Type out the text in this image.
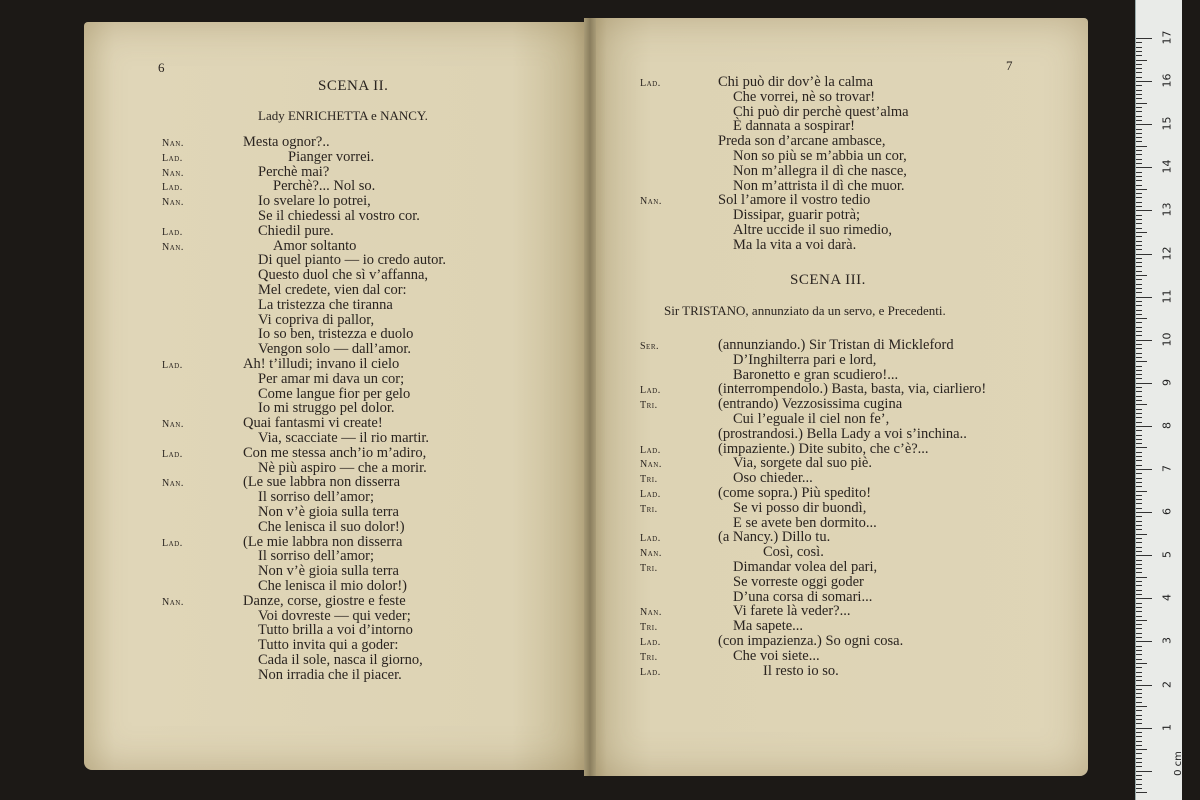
6
SCENA II.
Lady ENRICHETTA e NANCY.
7
SCENA III.
Sir TRISTANO, annunziato da un servo, e Precedenti.
17
16
15
14
13
12
11
10
9
8
7
6
5
4
3
2
1
0 cm
Nan.	Mesta ognor?..
Lad.	Pianger vorrei.
Nan.	Perchè mai?
Lad.	Perchè?... Nol so.
Nan.	Io svelare lo potrei,
Se il chiedessi al vostro cor.
Lad.	Chiedil pure.
Nan.	Amor soltanto
Di quel pianto — io credo autor.
Questo duol che sì v’affanna,
Mel credete, vien dal cor:
La tristezza che tiranna
Vi copriva di pallor,
Io so ben, tristezza e duolo
Vengon solo — dall’amor.
Lad.	Ah! t’illudi; invano il cielo
Per amar mi dava un cor;
Come langue fior per gelo
Io mi struggo pel dolor.
Nan.	Quai fantasmi vi create!
Via, scacciate — il rio martir.
Lad.	Con me stessa anch’io m’adiro,
Nè più aspiro — che a morir.
Nan.	(Le sue labbra non disserra
Il sorriso dell’amor;
Non v’è gioia sulla terra
Che lenisca il suo dolor!)
Lad.	(Le mie labbra non disserra
Il sorriso dell’amor;
Non v’è gioia sulla terra
Che lenisca il mio dolor!)
Nan.	Danze, corse, giostre e feste
Voi dovreste — qui veder;
Tutto brilla a voi d’intorno
Tutto invita qui a goder:
Cada il sole, nasca il giorno,
Non irradia che il piacer.
Lad.	Chi può dir dov’è la calma
Che vorrei, nè so trovar!
Chi può dir perchè quest’alma
È dannata a sospirar!
Preda son d’arcane ambasce,
Non so più se m’abbia un cor,
Non m’allegra il dì che nasce,
Non m’attrista il dì che muor.
Nan.	Sol l’amore il vostro tedio
Dissipar, guarir potrà;
Altre uccide il suo rimedio,
Ma la vita a voi darà.
Ser.	(annunziando.) Sir Tristan di Mickleford
D’Inghilterra pari e lord,
Baronetto e gran scudiero!...
Lad.	(interrompendolo.) Basta, basta, via, ciarliero!
Tri.	(entrando) Vezzosissima cugina
Cui l’eguale il ciel non fe’,
(prostrandosi.) Bella Lady a voi s’inchina..
Lad.	(impaziente.) Dite subito, che c’è?...
Nan.	Via, sorgete dal suo piè.
Tri.	Oso chieder...
Lad.	(come sopra.) Più spedito!
Tri.	Se vi posso dir buondì,
E se avete ben dormito...
Lad.	(a Nancy.) Dillo tu.
Nan.	Così, così.
Tri.	Dimandar volea del pari,
Se vorreste oggi goder
D’una corsa di somari...
Nan.	Vi farete là veder?...
Tri.	Ma sapete...
Lad.	(con impazienza.) So ogni cosa.
Tri.	Che voi siete...
Lad.	Il resto io so.
